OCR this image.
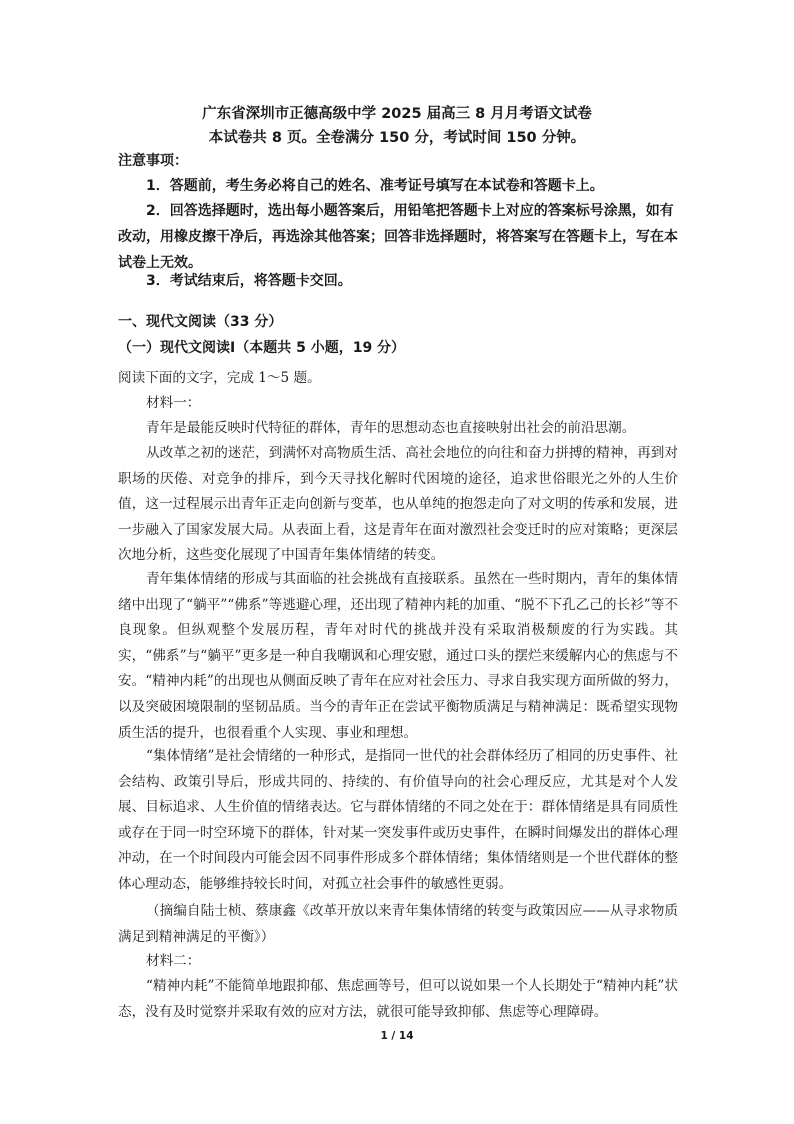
广东省深圳市正德高级中学 2025 届高三 8 月月考语文试卷
本试卷共 8 页。全卷满分 150 分，考试时间 150 分钟。
注意事项：
1．答题前，考生务必将自己的姓名、准考证号填写在本试卷和答题卡上。
2．回答选择题时，选出每小题答案后，用铅笔把答题卡上对应的答案标号涂黑，如有改动，用橡皮擦干净后，再选涂其他答案；回答非选择题时，将答案写在答题卡上，写在本试卷上无效。
3．考试结束后，将答题卡交回。
一、现代文阅读（33 分）
（一）现代文阅读Ⅰ（本题共 5 小题，19 分）
阅读下面的文字，完成 1～5 题。
材料一：
青年是最能反映时代特征的群体，青年的思想动态也直接映射出社会的前沿思潮。
从改革之初的迷茫，到满怀对高物质生活、高社会地位的向往和奋力拼搏的精神，再到对职场的厌倦、对竞争的排斥，到今天寻找化解时代困境的途径，追求世俗眼光之外的人生价值，这一过程展示出青年正走向创新与变革，也从单纯的抱怨走向了对文明的传承和发展，进一步融入了国家发展大局。从表面上看，这是青年在面对激烈社会变迁时的应对策略；更深层次地分析，这些变化展现了中国青年集体情绪的转变。
青年集体情绪的形成与其面临的社会挑战有直接联系。虽然在一些时期内，青年的集体情绪中出现了“躺平”“佛系”等逃避心理，还出现了精神内耗的加重、“脱不下孔乙己的长衫”等不良现象。但纵观整个发展历程，青年对时代的挑战并没有采取消极颓废的行为实践。其实，“佛系”与“躺平”更多是一种自我嘲讽和心理安慰，通过口头的摆烂来缓解内心的焦虑与不安。“精神内耗”的出现也从侧面反映了青年在应对社会压力、寻求自我实现方面所做的努力，以及突破困境限制的坚韧品质。当今的青年正在尝试平衡物质满足与精神满足：既希望实现物质生活的提升，也很看重个人实现、事业和理想。
“集体情绪”是社会情绪的一种形式，是指同一世代的社会群体经历了相同的历史事件、社会结构、政策引导后，形成共同的、持续的、有价值导向的社会心理反应，尤其是对个人发展、目标追求、人生价值的情绪表达。它与群体情绪的不同之处在于：群体情绪是具有同质性或存在于同一时空环境下的群体，针对某一突发事件或历史事件，在瞬时间爆发出的群体心理冲动，在一个时间段内可能会因不同事件形成多个群体情绪；集体情绪则是一个世代群体的整体心理动态，能够维持较长时间，对孤立社会事件的敏感性更弱。
（摘编自陆士桢、蔡康鑫《改革开放以来青年集体情绪的转变与政策因应——从寻求物质满足到精神满足的平衡》）
材料二：
“精神内耗”不能简单地跟抑郁、焦虑画等号，但可以说如果一个人长期处于“精神内耗”状态，没有及时觉察并采取有效的应对方法，就很可能导致抑郁、焦虑等心理障碍。
1 / 14
